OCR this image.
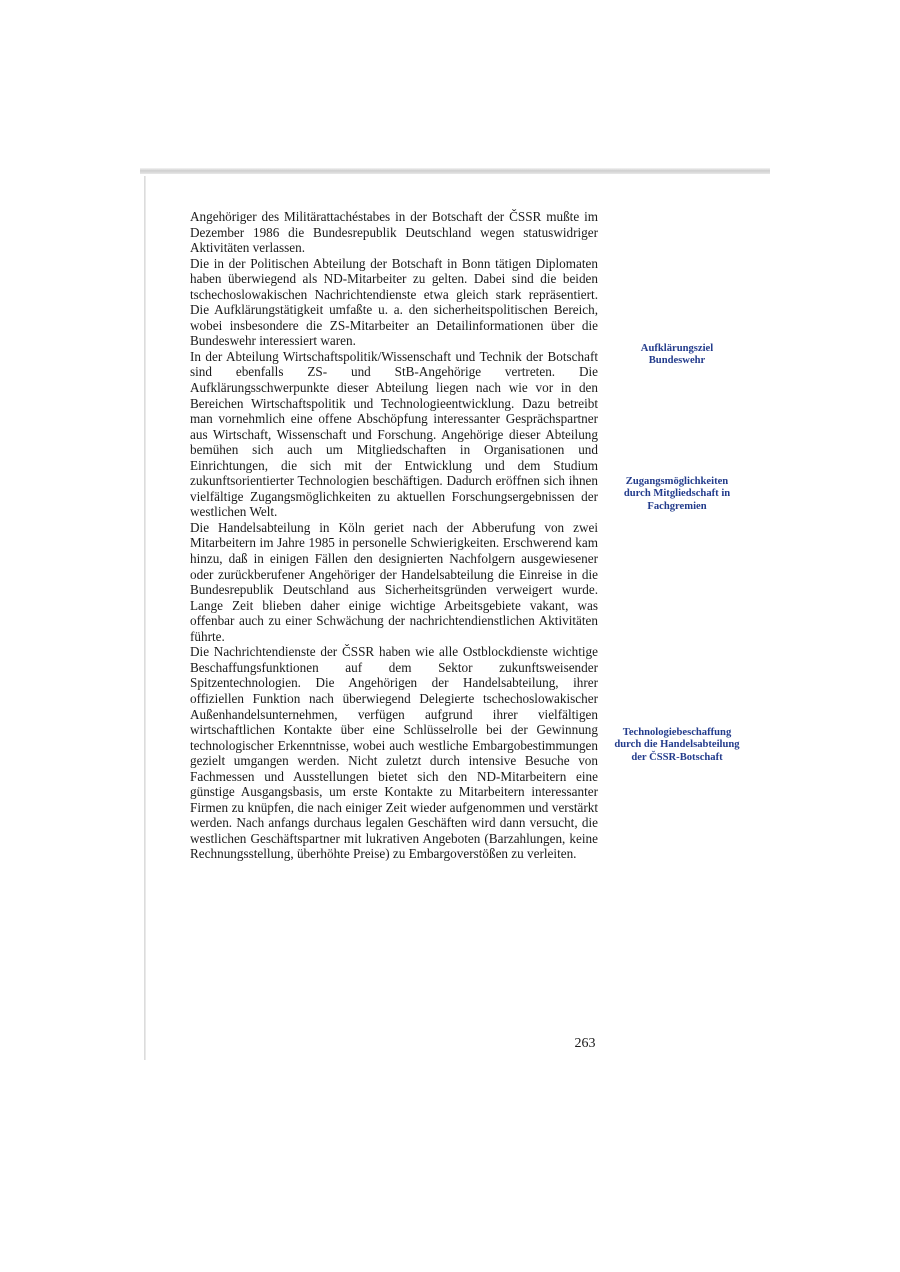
Angehöriger des Militärattachéstabes in der Botschaft der ČSSR mußte im Dezember 1986 die Bundesrepublik Deutschland wegen statuswidriger Aktivitäten verlassen.

Die in der Politischen Abteilung der Botschaft in Bonn tätigen Diplomaten haben überwiegend als ND-Mitarbeiter zu gelten. Dabei sind die beiden tschechoslowakischen Nachrichtendienste etwa gleich stark repräsentiert. Die Aufklärungstätigkeit umfaßte u. a. den sicherheitspolitischen Bereich, wobei insbesondere die ZS-Mitarbeiter an Detailinformationen über die Bundeswehr interessiert waren.

In der Abteilung Wirtschaftspolitik/Wissenschaft und Technik der Botschaft sind ebenfalls ZS- und StB-Angehörige vertreten. Die Aufklärungsschwerpunkte dieser Abteilung liegen nach wie vor in den Bereichen Wirtschaftspolitik und Technologieentwicklung. Dazu betreibt man vornehmlich eine offene Abschöpfung interessanter Gesprächspartner aus Wirtschaft, Wissenschaft und Forschung. Angehörige dieser Abteilung bemühen sich auch um Mitgliedschaften in Organisationen und Einrichtungen, die sich mit der Entwicklung und dem Studium zukunftsorientierter Technologien beschäftigen. Dadurch eröffnen sich ihnen vielfältige Zugangsmöglichkeiten zu aktuellen Forschungsergebnissen der westlichen Welt.

Die Handelsabteilung in Köln geriet nach der Abberufung von zwei Mitarbeitern im Jahre 1985 in personelle Schwierigkeiten. Erschwerend kam hinzu, daß in einigen Fällen den designierten Nachfolgern ausgewiesener oder zurückberufener Angehöriger der Handelsabteilung die Einreise in die Bundesrepublik Deutschland aus Sicherheitsgründen verweigert wurde. Lange Zeit blieben daher einige wichtige Arbeitsgebiete vakant, was offenbar auch zu einer Schwächung der nachrichtendienstlichen Aktivitäten führte.

Die Nachrichtendienste der ČSSR haben wie alle Ostblockdienste wichtige Beschaffungsfunktionen auf dem Sektor zukunftsweisender Spitzentechnologien. Die Angehörigen der Handelsabteilung, ihrer offiziellen Funktion nach überwiegend Delegierte tschechoslowakischer Außenhandelsunternehmen, verfügen aufgrund ihrer vielfältigen wirtschaftlichen Kontakte über eine Schlüsselrolle bei der Gewinnung technologischer Erkenntnisse, wobei auch westliche Embargobestimmungen gezielt umgangen werden. Nicht zuletzt durch intensive Besuche von Fachmessen und Ausstellungen bietet sich den ND-Mitarbeitern eine günstige Ausgangsbasis, um erste Kontakte zu Mitarbeitern interessanter Firmen zu knüpfen, die nach einiger Zeit wieder aufgenommen und verstärkt werden. Nach anfangs durchaus legalen Geschäften wird dann versucht, die westlichen Geschäftspartner mit lukrativen Angeboten (Barzahlungen, keine Rechnungsstellung, überhöhte Preise) zu Embargoverstößen zu verleiten.

Aufklärungsziel Bundeswehr
Zugangsmöglichkeiten durch Mitgliedschaft in Fachgremien
Technologiebeschaffung durch die Handelsabteilung der ČSSR-Botschaft
263
